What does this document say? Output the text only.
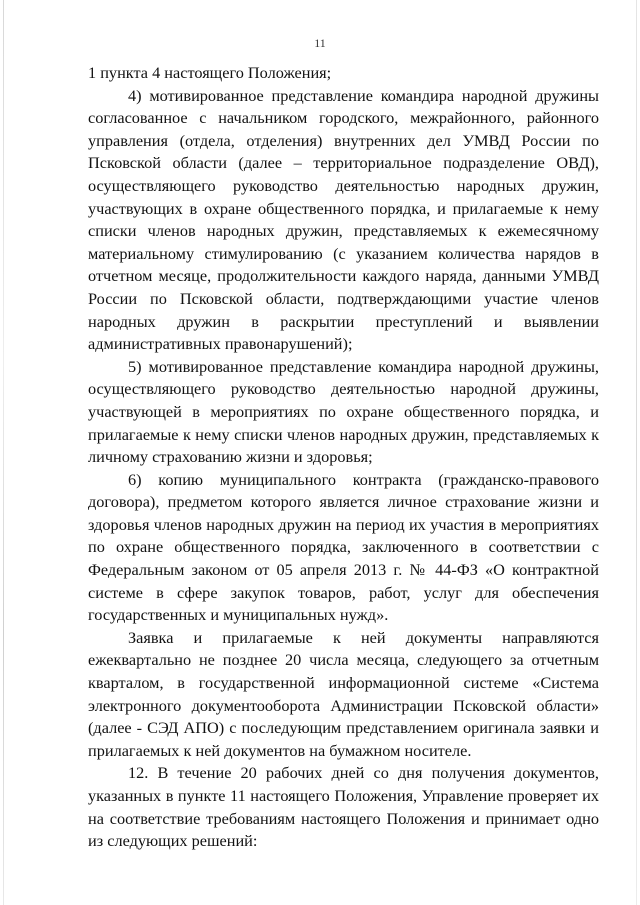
11

1 пункта 4 настоящего Положения;

4) мотивированное представление командира народной дружины согласованное с начальником городского, межрайонного, районного управления (отдела, отделения) внутренних дел УМВД России по Псковской области (далее – территориальное подразделение ОВД), осуществляющего руководство деятельностью народных дружин, участвующих в охране общественного порядка, и прилагаемые к нему списки членов народных дружин, представляемых к ежемесячному материальному стимулированию (с указанием количества нарядов в отчетном месяце, продолжительности каждого наряда, данными УМВД России по Псковской области, подтверждающими участие членов народных дружин в раскрытии преступлений и выявлении административных правонарушений);

5) мотивированное представление командира народной дружины, осуществляющего руководство деятельностью народной дружины, участвующей в мероприятиях по охране общественного порядка, и прилагаемые к нему списки членов народных дружин, представляемых к личному страхованию жизни и здоровья;

6) копию муниципального контракта (гражданско-правового договора), предметом которого является личное страхование жизни и здоровья членов народных дружин на период их участия в мероприятиях по охране общественного порядка, заключенного в соответствии с Федеральным законом от 05 апреля 2013 г. № 44-ФЗ «О контрактной системе в сфере закупок товаров, работ, услуг для обеспечения государственных и муниципальных нужд».

Заявка и прилагаемые к ней документы направляются ежеквартально не позднее 20 числа месяца, следующего за отчетным кварталом, в государственной информационной системе «Система электронного документооборота Администрации Псковской области» (далее - СЭД АПО) с последующим представлением оригинала заявки и прилагаемых к ней документов на бумажном носителе.

12. В течение 20 рабочих дней со дня получения документов, указанных в пункте 11 настоящего Положения, Управление проверяет их на соответствие требованиям настоящего Положения и принимает одно из следующих решений:
